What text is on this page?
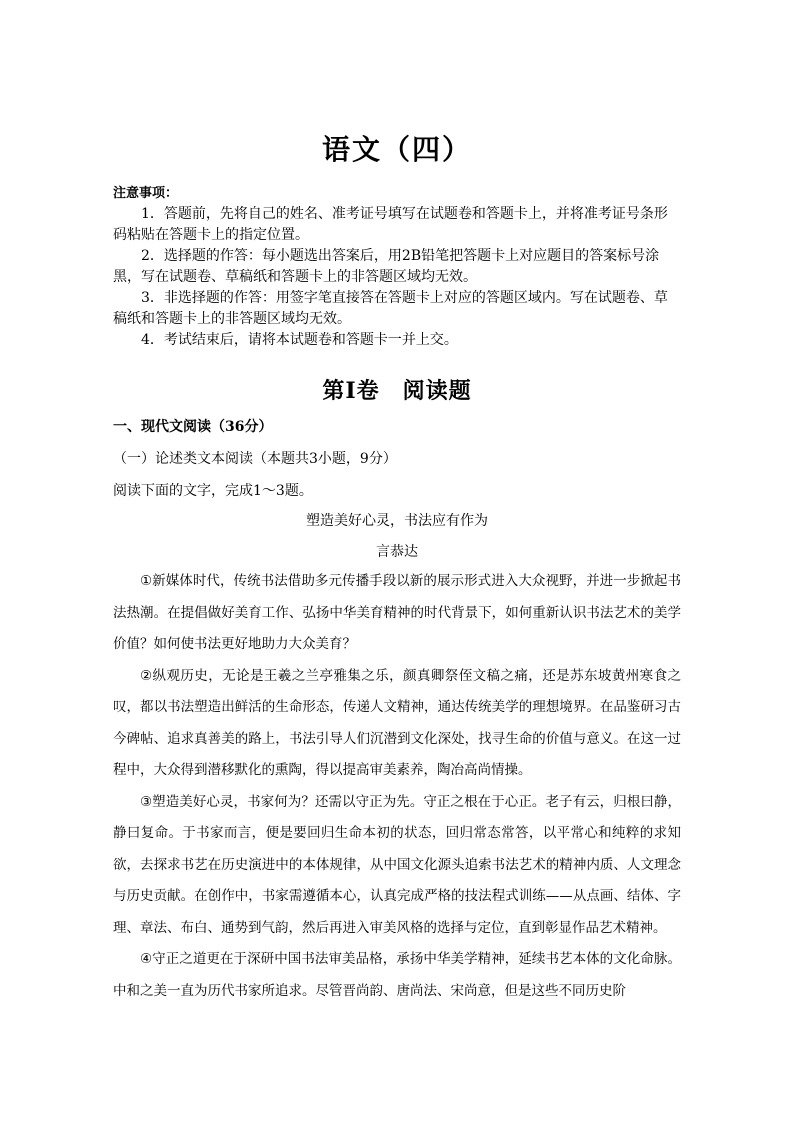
语文（四）
注意事项：

1．答题前，先将自己的姓名、准考证号填写在试题卷和答题卡上，并将准考证号条形码粘贴在答题卡上的指定位置。

2．选择题的作答：每小题选出答案后，用2B铅笔把答题卡上对应题目的答案标号涂黑，写在试题卷、草稿纸和答题卡上的非答题区域均无效。

3．非选择题的作答：用签字笔直接答在答题卡上对应的答题区域内。写在试题卷、草稿纸和答题卡上的非答题区域均无效。

4．考试结束后，请将本试题卷和答题卡一并上交。

第Ⅰ卷　阅读题
一、现代文阅读（36分）
（一）论述类文本阅读（本题共3小题，9分）
阅读下面的文字，完成1～3题。
塑造美好心灵，书法应有作为
言恭达

①新媒体时代，传统书法借助多元传播手段以新的展示形式进入大众视野，并进一步掀起书法热潮。在提倡做好美育工作、弘扬中华美育精神的时代背景下，如何重新认识书法艺术的美学价值？如何使书法更好地助力大众美育？

②纵观历史，无论是王羲之兰亭雅集之乐，颜真卿祭侄文稿之痛，还是苏东坡黄州寒食之叹，都以书法塑造出鲜活的生命形态，传递人文精神，通达传统美学的理想境界。在品鉴研习古今碑帖、追求真善美的路上，书法引导人们沉潜到文化深处，找寻生命的价值与意义。在这一过程中，大众得到潜移默化的熏陶，得以提高审美素养，陶冶高尚情操。

③塑造美好心灵，书家何为？还需以守正为先。守正之根在于心正。老子有云，归根曰静，静曰复命。于书家而言，便是要回归生命本初的状态，回归常态常答，以平常心和纯粹的求知欲，去探求书艺在历史演进中的本体规律，从中国文化源头追索书法艺术的精神内质、人文理念与历史贡献。在创作中，书家需遵循本心，认真完成严格的技法程式训练——从点画、结体、字理、章法、布白、通势到气韵，然后再进入审美风格的选择与定位，直到彰显作品艺术精神。

④守正之道更在于深研中国书法审美品格，承扬中华美学精神，延续书艺本体的文化命脉。中和之美一直为历代书家所追求。尽管晋尚韵、唐尚法、宋尚意，但是这些不同历史阶
